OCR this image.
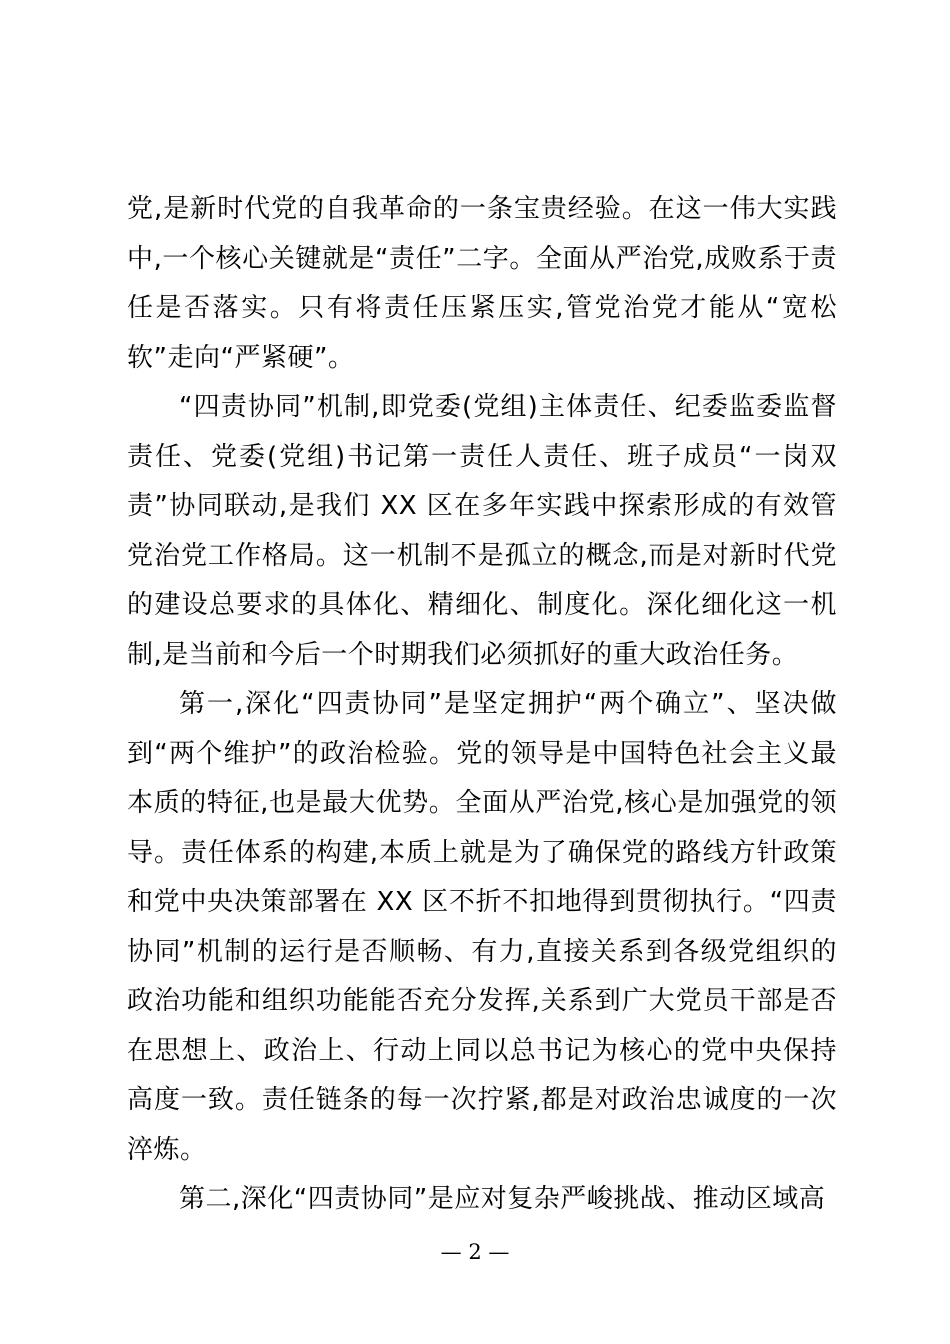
党,是新时代党的自我革命的一条宝贵经验。在这一伟大实践中,一个核心关键就是“责任”二字。全面从严治党,成败系于责任是否落实。只有将责任压紧压实,管党治党才能从“宽松软”走向“严紧硬”。

“四责协同”机制,即党委(党组)主体责任、纪委监委监督责任、党委(党组)书记第一责任人责任、班子成员“一岗双责”协同联动,是我们 XX 区在多年实践中探索形成的有效管党治党工作格局。这一机制不是孤立的概念,而是对新时代党的建设总要求的具体化、精细化、制度化。深化细化这一机制,是当前和今后一个时期我们必须抓好的重大政治任务。

第一,深化“四责协同”是坚定拥护“两个确立”、坚决做到“两个维护”的政治检验。党的领导是中国特色社会主义最本质的特征,也是最大优势。全面从严治党,核心是加强党的领导。责任体系的构建,本质上就是为了确保党的路线方针政策和党中央决策部署在 XX 区不折不扣地得到贯彻执行。“四责协同”机制的运行是否顺畅、有力,直接关系到各级党组织的政治功能和组织功能能否充分发挥,关系到广大党员干部是否在思想上、政治上、行动上同以总书记为核心的党中央保持高度一致。责任链条的每一次拧紧,都是对政治忠诚度的一次淬炼。

第二,深化“四责协同”是应对复杂严峻挑战、推动区域高

— 2 —
